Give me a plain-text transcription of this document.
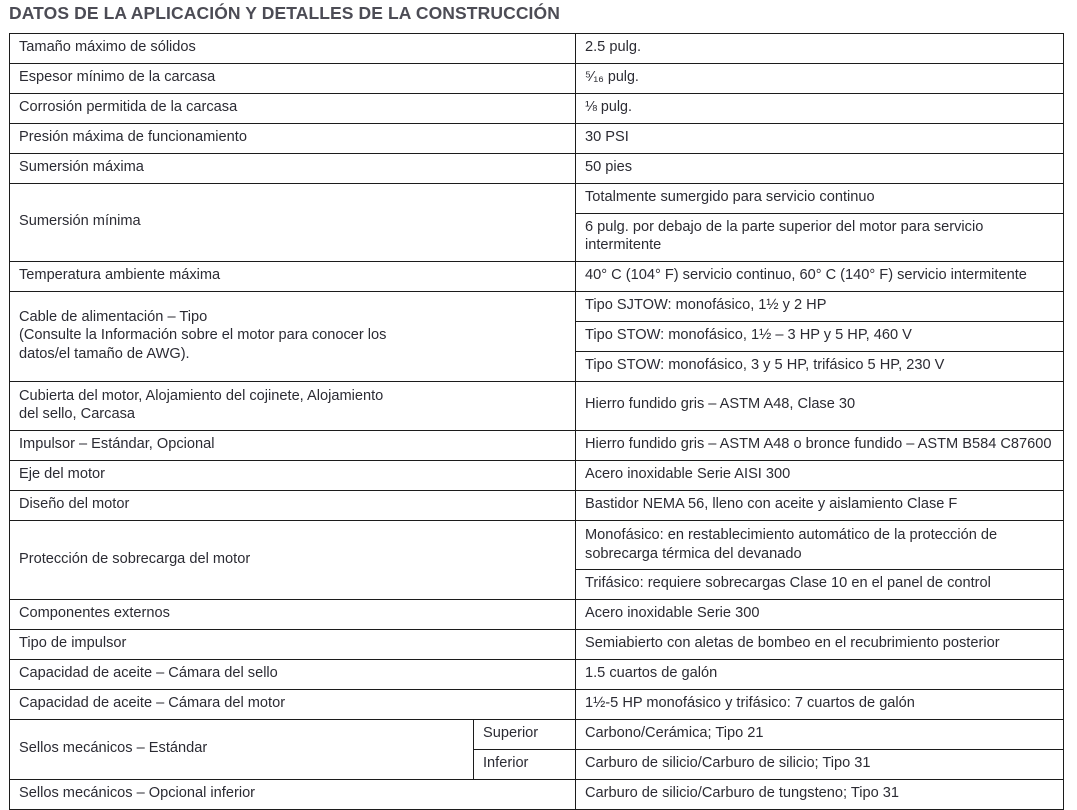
DATOS DE LA APLICACIÓN Y DETALLES DE LA CONSTRUCCIÓN
Tamaño máximo de sólidos		2.5 pulg.
Espesor mínimo de la carcasa		⁵⁄₁₆ pulg.
Corrosión permitida de la carcasa		⅛ pulg.
Presión máxima de funcionamiento		30 PSI
Sumersión máxima		50 pies
Sumersión mínima		Totalmente sumergido para servicio continuo
		6 pulg. por debajo de la parte superior del motor para servicio intermitente
Temperatura ambiente máxima		40° C (104° F) servicio continuo, 60° C (140° F) servicio intermitente

Cable de alimentación – Tipo
(Consulte la Información sobre el motor para conocer los
datos/el tamaño de AWG).		Tipo SJTOW: monofásico, 1½ y 2 HP
		Tipo STOW: monofásico, 1½ – 3 HP y 5 HP, 460 V
		Tipo STOW: monofásico, 3 y 5 HP, trifásico 5 HP, 230 V

Cubierta del motor, Alojamiento del cojinete, Alojamiento
del sello, Carcasa		Hierro fundido gris – ASTM A48, Clase 30
Impulsor – Estándar, Opcional		Hierro fundido gris – ASTM A48 o bronce fundido – ASTM B584 C87600
Eje del motor		Acero inoxidable Serie AISI 300
Diseño del motor		Bastidor NEMA 56, lleno con aceite y aislamiento Clase F
Protección de sobrecarga del motor		Monofásico: en restablecimiento automático de la protección de
sobrecarga térmica del devanado

		Trifásico: requiere sobrecargas Clase 10 en el panel de control
Componentes externos		Acero inoxidable Serie 300
Tipo de impulsor		Semiabierto con aletas de bombeo en el recubrimiento posterior
Capacidad de aceite – Cámara del sello		1.5 cuartos de galón
Capacidad de aceite – Cámara del motor		1½-5 HP monofásico y trifásico: 7 cuartos de galón
Sellos mecánicos – Estándar	Superior	Carbono/Cerámica; Tipo 21
	Inferior	Carburo de silicio/Carburo de silicio; Tipo 31
Sellos mecánicos – Opcional inferior		Carburo de silicio/Carburo de tungsteno; Tipo 31
